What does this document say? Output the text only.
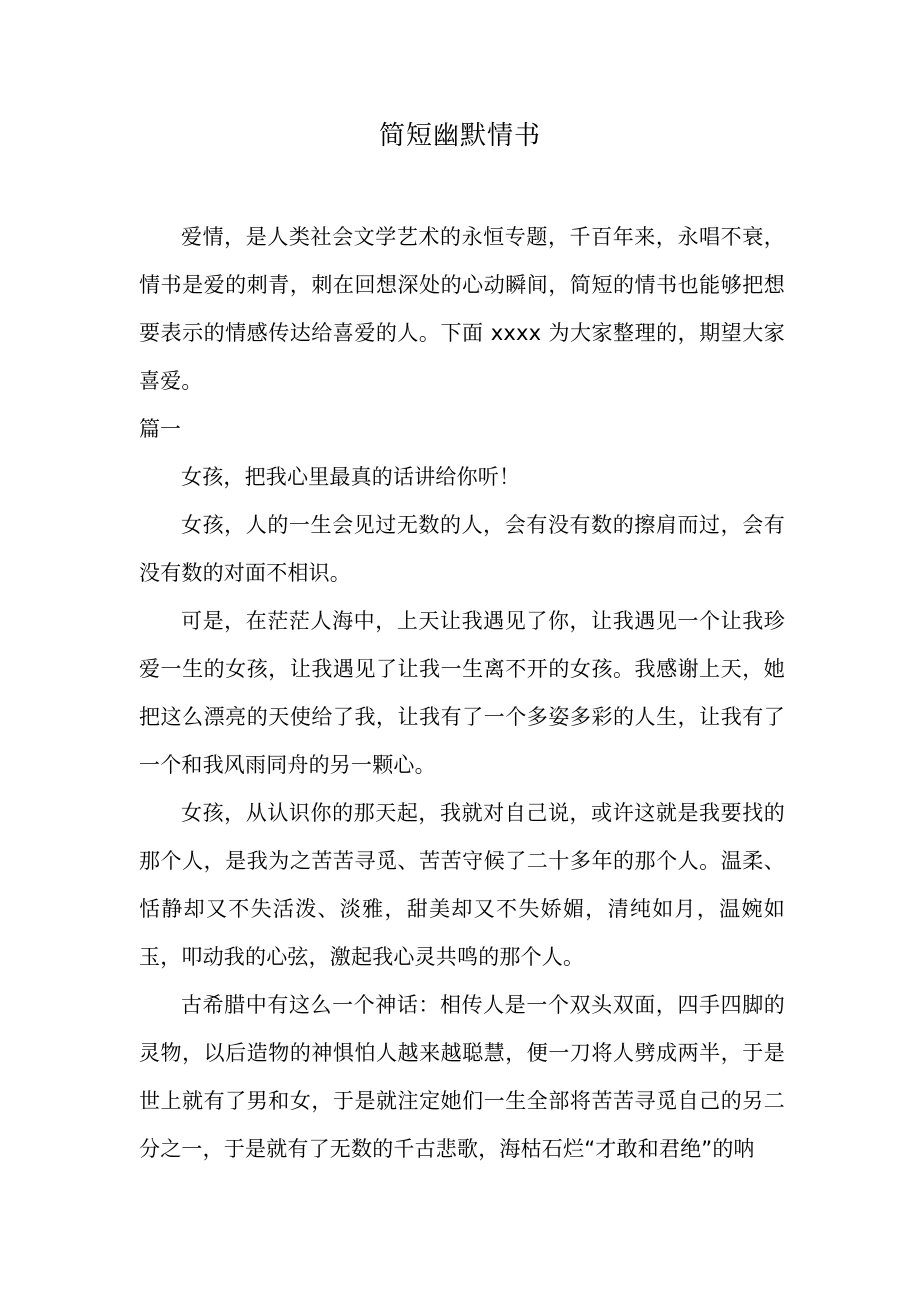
简短幽默情书

爱情，是人类社会文学艺术的永恒专题，千百年来，永唱不衰，情书是爱的刺青，刺在回想深处的心动瞬间，简短的情书也能够把想要表示的情感传达给喜爱的人。下面 xxxx 为大家整理的，期望大家喜爱。

篇一

女孩，把我心里最真的话讲给你听！

女孩，人的一生会见过无数的人，会有没有数的擦肩而过，会有没有数的对面不相识。

可是，在茫茫人海中，上天让我遇见了你，让我遇见一个让我珍爱一生的女孩，让我遇见了让我一生离不开的女孩。我感谢上天，她把这么漂亮的天使给了我，让我有了一个多姿多彩的人生，让我有了一个和我风雨同舟的另一颗心。

女孩，从认识你的那天起，我就对自己说，或许这就是我要找的那个人，是我为之苦苦寻觅、苦苦守候了二十多年的那个人。温柔、恬静却又不失活泼、淡雅，甜美却又不失娇媚，清纯如月，温婉如玉，叩动我的心弦，激起我心灵共鸣的那个人。

古希腊中有这么一个神话：相传人是一个双头双面，四手四脚的灵物，以后造物的神惧怕人越来越聪慧，便一刀将人劈成两半，于是世上就有了男和女，于是就注定她们一生全部将苦苦寻觅自己的另二分之一，于是就有了无数的千古悲歌，海枯石烂“才敢和君绝”的呐
